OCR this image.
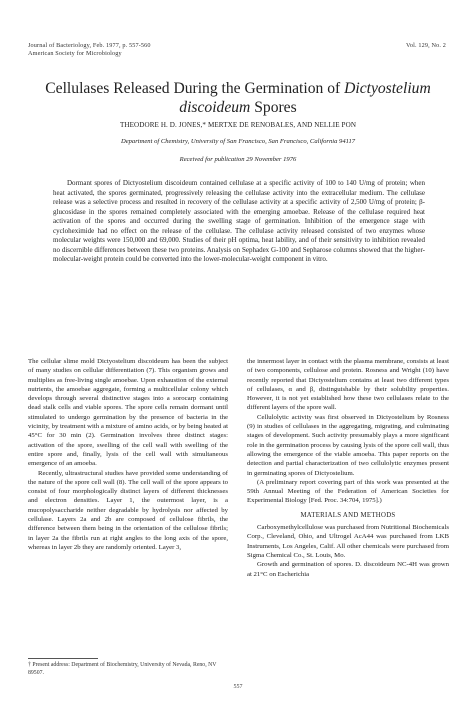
Journal of Bacteriology, Feb. 1977, p. 557-560
American Society for Microbiology
Vol. 129, No. 2
Cellulases Released During the Germination of Dictyostelium
discoideum Spores
THEODORE H. D. JONES,* MERTXE DE RENOBALES, AND NELLIE PON
Department of Chemistry, University of San Francisco, San Francisco, California 94117
Received for publication 29 November 1976

Dormant spores of Dictyostelium discoideum contained cellulase at a specific activity of 100 to 140 U/mg of protein; when heat activated, the spores germinated, progressively releasing the cellulase activity into the extracellular medium. The cellulase release was a selective process and resulted in recovery of the cellulase activity at a specific activity of 2,500 U/mg of protein; β-glucosidase in the spores remained completely associated with the emerging amoebae. Release of the cellulase required heat activation of the spores and occurred during the swelling stage of germination. Inhibition of the emergence stage with cycloheximide had no effect on the release of the cellulase. The cellulase activity released consisted of two enzymes whose molecular weights were 150,000 and 69,000. Studies of their pH optima, heat lability, and of their sensitivity to inhibition revealed no discernible differences between these two proteins. Analysis on Sephadex G-100 and Sepharose columns showed that the higher-molecular-weight protein could be converted into the lower-molecular-weight component in vitro.

The cellular slime mold Dictyostelium discoideum has been the subject of many studies on cellular differentiation (7). This organism grows and multiplies as free-living single amoebae. Upon exhaustion of the external nutrients, the amoebae aggregate, forming a multicellular colony which develops through several distinctive stages into a sorocarp containing dead stalk cells and viable spores. The spore cells remain dormant until stimulated to undergo germination by the presence of bacteria in the vicinity, by treatment with a mixture of amino acids, or by being heated at 45°C for 30 min (2). Germination involves three distinct stages: activation of the spore, swelling of the cell wall with swelling of the entire spore and, finally, lysis of the cell wall with simultaneous emergence of an amoeba.

Recently, ultrastructural studies have provided some understanding of the nature of the spore cell wall (8). The cell wall of the spore appears to consist of four morphologically distinct layers of different thicknesses and electron densities. Layer 1, the outermost layer, is a mucopolysaccharide neither degradable by hydrolysis nor affected by cellulase. Layers 2a and 2b are composed of cellulose fibrils, the difference between them being in the orientation of the cellulose fibrils; in layer 2a the fibrils run at right angles to the long axis of the spore, whereas in layer 2b they are randomly oriented. Layer 3,

the innermost layer in contact with the plasma membrane, consists at least of two components, cellulose and protein. Rosness and Wright (10) have recently reported that Dictyostelium contains at least two different types of cellulases, α and β, distinguishable by their solubility properties. However, it is not yet established how these two cellulases relate to the different layers of the spore wall.

Cellulolytic activity was first observed in Dictyostelium by Rosness (9) in studies of cellulases in the aggregating, migrating, and culminating stages of development. Such activity presumably plays a more significant role in the germination process by causing lysis of the spore cell wall, thus allowing the emergence of the viable amoeba. This paper reports on the detection and partial characterization of two cellulolytic enzymes present in germinating spores of Dictyostelium.

(A preliminary report covering part of this work was presented at the 59th Annual Meeting of the Federation of American Societies for Experimental Biology [Fed. Proc. 34:704, 1975].)

MATERIALS AND METHODS

Carboxymethylcellulose was purchased from Nutritional Biochemicals Corp., Cleveland, Ohio, and Ultrogel AcA44 was purchased from LKB Instruments, Los Angeles, Calif. All other chemicals were purchased from Sigma Chemical Co., St. Louis, Mo.

Growth and germination of spores. D. discoideum NC-4H was grown at 21°C on Escherichia

† Present address: Department of Biochemistry, University of Nevada, Reno, NV 89507.
557
